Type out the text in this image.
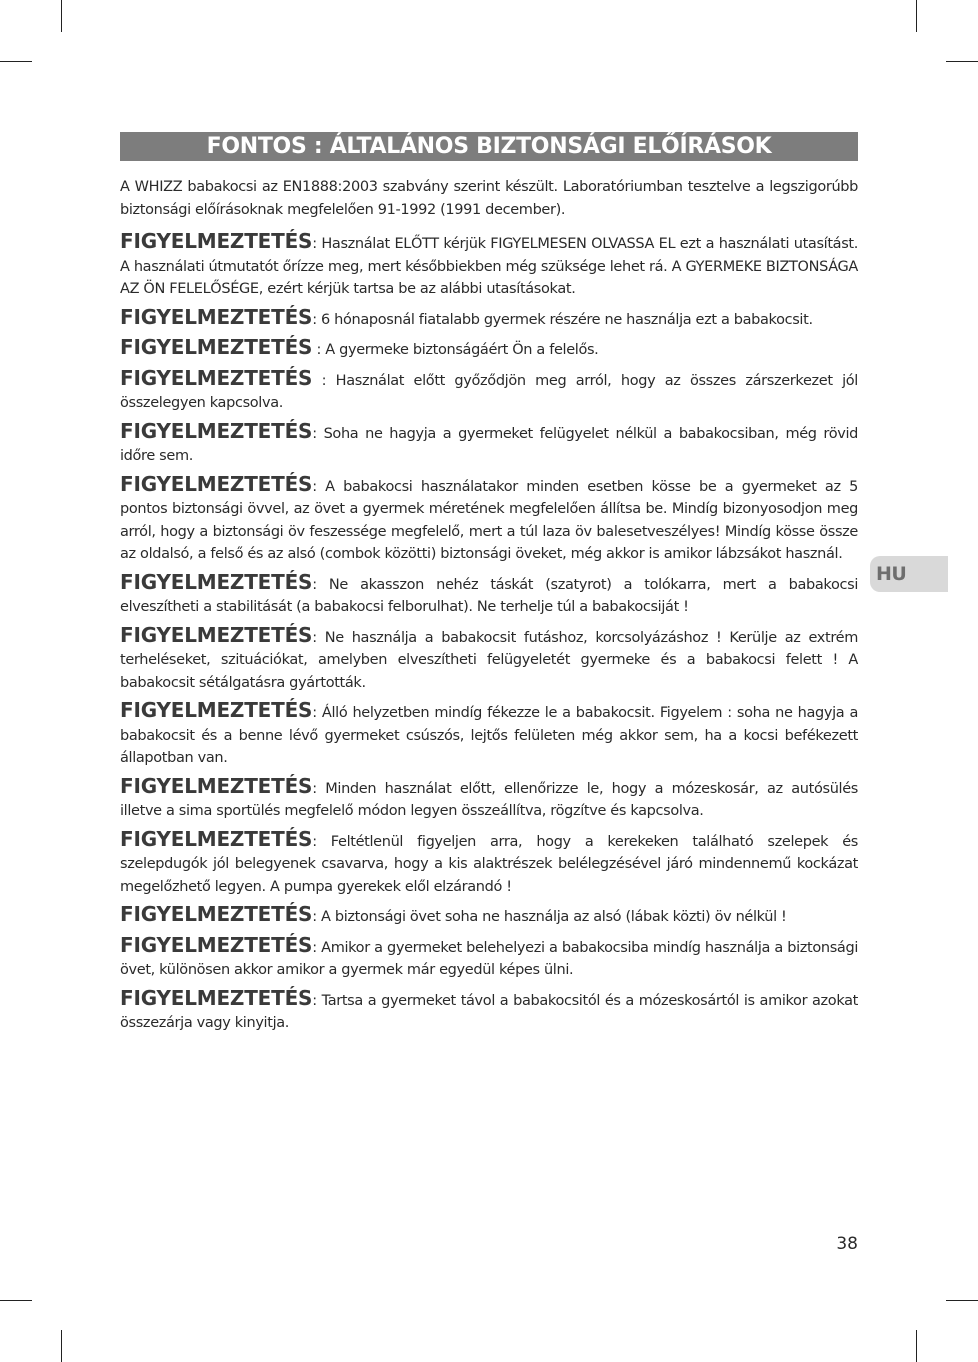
FONTOS : ÁLTALÁNOS BIZTONSÁGI ELŐÍRÁSOK

A WHIZZ babakocsi az EN1888:2003 szabvány szerint készült. Laboratóriumban tesztelve a legszigorúbb biztonsági előírásoknak megfelelően 91-1992 (1991 december).

FIGYELMEZTETÉS: Használat ELŐTT kérjük FIGYELMESEN OLVASSA EL ezt a használati utasítást. A használati útmutatót őrízze meg, mert későbbiekben még szüksége lehet rá. A GYERMEKE BIZTONSÁGA AZ ÖN FELELŐSÉGE, ezért kérjük tartsa be az alábbi utasításokat.

FIGYELMEZTETÉS: 6 hónaposnál fiatalabb gyermek részére ne használja ezt a babakocsit.

FIGYELMEZTETÉS : A gyermeke biztonságáért Ön a felelős.

FIGYELMEZTETÉS : Használat előtt győződjön meg arról, hogy az összes zárszerkezet jól összelegyen kapcsolva.

FIGYELMEZTETÉS: Soha ne hagyja a gyermeket felügyelet nélkül a babakocsiban, még rövid időre sem.

FIGYELMEZTETÉS: A babakocsi használatakor minden esetben kösse be a gyermeket az 5 pontos biztonsági övvel, az övet a gyermek méretének megfelelően állítsa be. Mindíg bizonyosodjon meg arról, hogy a biztonsági öv feszessége megfelelő, mert a túl laza öv balesetveszélyes! Mindíg kösse össze az oldalsó, a felső és az alsó (combok közötti) biztonsági öveket, még akkor is amikor lábzsákot használ.

FIGYELMEZTETÉS: Ne akasszon nehéz táskát (szatyrot) a tolókarra, mert a babakocsi elveszítheti a stabilitását (a babakocsi felborulhat). Ne terhelje túl a babakocsiját !

FIGYELMEZTETÉS: Ne használja a babakocsit futáshoz, korcsolyázáshoz ! Kerülje az extrém terheléseket, szituációkat, amelyben elveszítheti felügyeletét gyermeke és a babakocsi felett ! A babakocsit sétálgatásra gyártották.

FIGYELMEZTETÉS: Álló helyzetben mindíg fékezze le a babakocsit. Figyelem : soha ne hagyja a babakocsit és a benne lévő gyermeket csúszós, lejtős felületen még akkor sem, ha a kocsi befékezett állapotban van.

FIGYELMEZTETÉS: Minden használat előtt, ellenőrizze le, hogy a mózeskosár, az autósülés illetve a sima sportülés megfelelő módon legyen összeállítva, rögzítve és kapcsolva.

FIGYELMEZTETÉS: Feltétlenül figyeljen arra, hogy a kerekeken található szelepek és szelepdugók jól belegyenek csavarva, hogy a kis alaktrészek belélegzésével járó mindennemű kockázat megelőzhető legyen. A pumpa gyerekek elől elzárandó !

FIGYELMEZTETÉS: A biztonsági övet soha ne használja az alsó (lábak közti) öv nélkül !

FIGYELMEZTETÉS: Amikor a gyermeket belehelyezi a babakocsiba mindíg használja a biztonsági övet, különösen akkor amikor a gyermek már egyedül képes ülni.

FIGYELMEZTETÉS: Tartsa a gyermeket távol a babakocsitól és a mózeskosártól is amikor azokat összezárja vagy kinyitja.

HU
38
